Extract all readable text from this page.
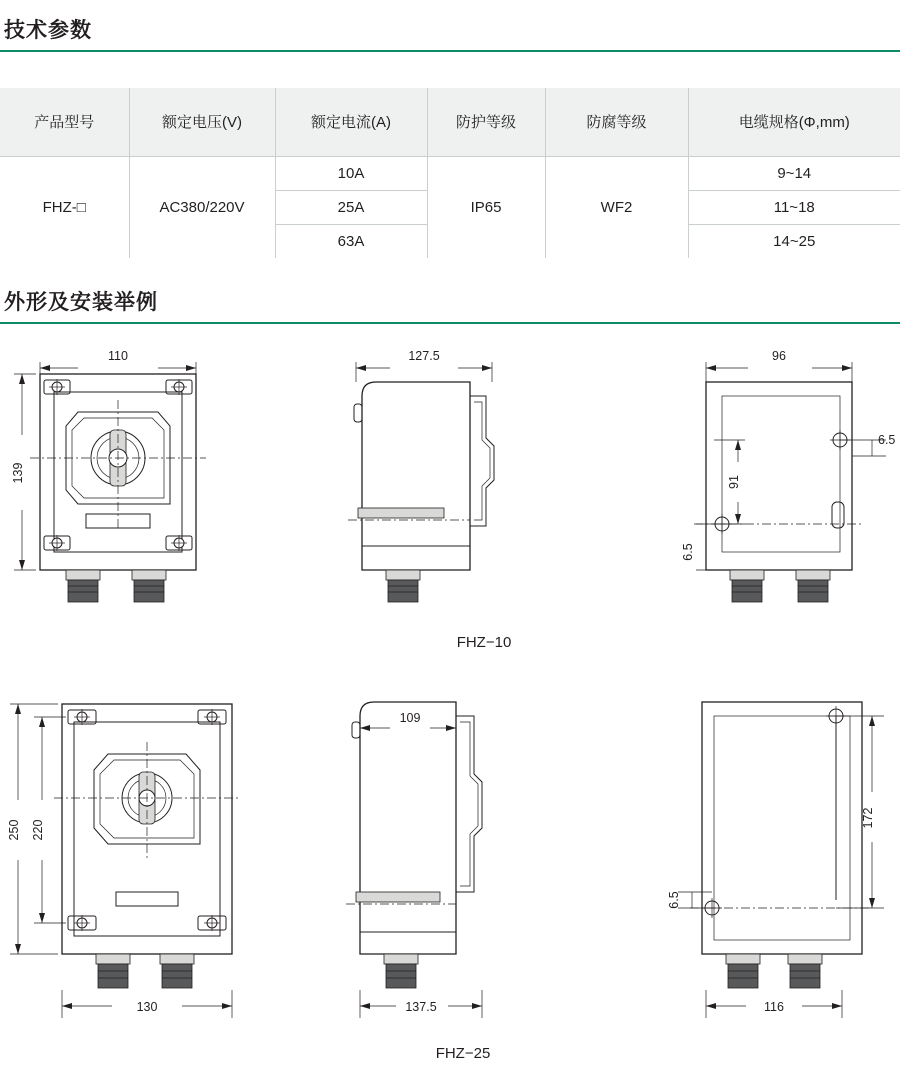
技术参数
产品型号	额定电压(V)	额定电流(A)	防护等级	防腐等级	电缆规格(Φ,mm)
FHZ-□	AC380/220V	10A	IP65	WF2	9~14
		25A			11~18
		63A			14~25
外形及安装举例
110
139
127.5	96
6.5
91
6.5
FHZ−10
250 220
130
109
137.5
172
6.5
116
FHZ−25
